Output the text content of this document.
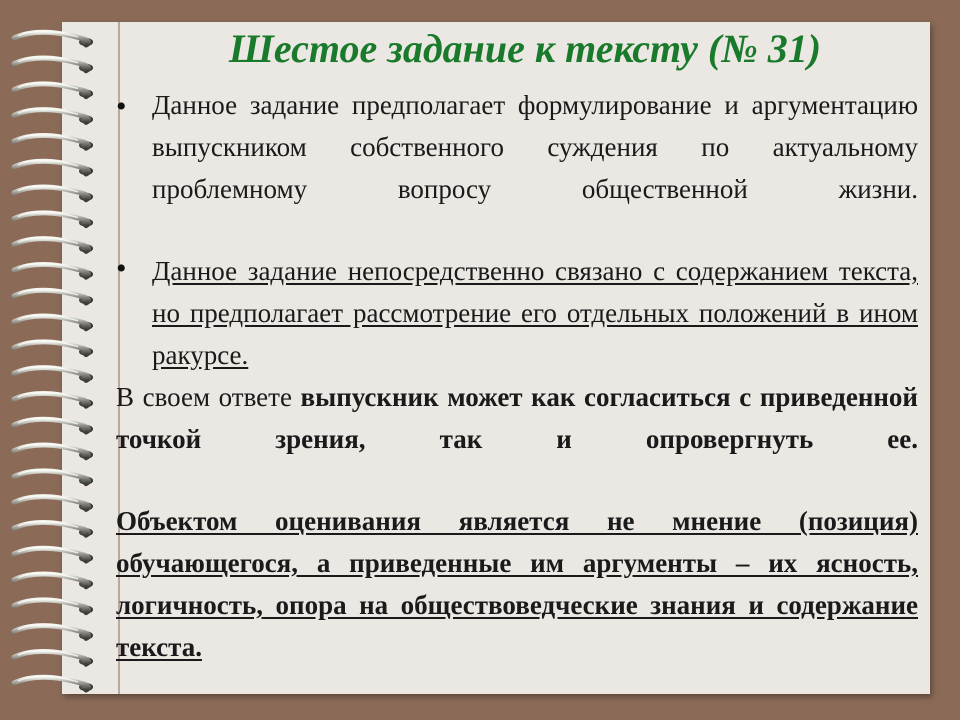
Шестое задание к тексту (№ 31)
• Данное задание предполагает формулирование и аргументацию выпускником собственного суждения по актуальному проблемному вопросу общественной жизни.

• Данное задание непосредственно связано с содержанием текста, но предполагает рассмотрение его отдельных положений в ином ракурсе.

В своем ответе выпускник может как согласиться с приведенной точкой зрения, так и опровергнуть ее.

Объектом оценивания является не мнение (позиция) обучающегося, а приведенные им аргументы – их ясность, логичность, опора на обществоведческие знания и содержание текста.
